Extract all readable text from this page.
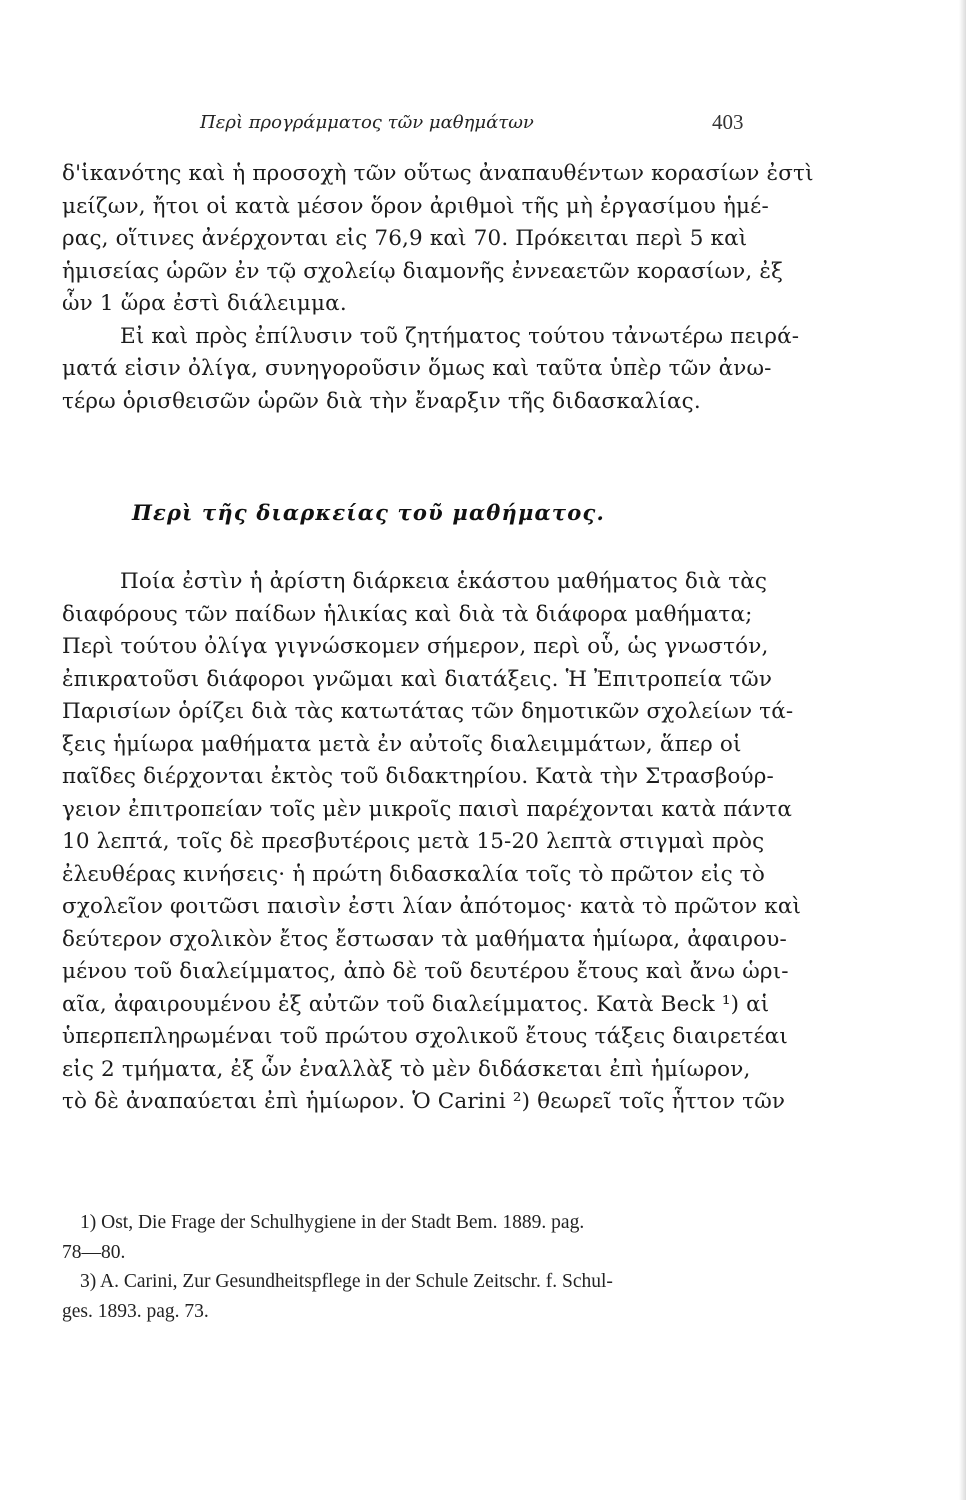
Περὶ προγράμματος τῶν μαθημάτων	403
δ'ἱκανότης καὶ ἡ προσοχὴ τῶν οὕτως ἀναπαυθέντων κορασίων ἐστὶ
μείζων, ἤτοι οἱ κατὰ μέσον ὅρον ἀριθμοὶ τῆς μὴ ἐργασίμου ἡμέ-
ρας, οἵτινες ἀνέρχονται εἰς 76,9 καὶ 70. Πρόκειται περὶ 5 καὶ
ἡμισείας ὡρῶν ἐν τῷ σχολείῳ διαμονῆς ἐννεαετῶν κορασίων, ἐξ
ὧν 1 ὥρα ἐστὶ διάλειμμα.
Εἰ καὶ πρὸς ἐπίλυσιν τοῦ ζητήματος τούτου τἀνωτέρω πειρά-
ματά εἰσιν ὀλίγα, συνηγοροῦσιν ὅμως καὶ ταῦτα ὑπὲρ τῶν ἀνω-
τέρω ὁρισθεισῶν ὡρῶν διὰ τὴν ἔναρξιν τῆς διδασκαλίας.
Περὶ τῆς διαρκείας τοῦ μαθήματος.
Ποία ἐστὶν ἡ ἀρίστη διάρκεια ἑκάστου μαθήματος διὰ τὰς
διαφόρους τῶν παίδων ἡλικίας καὶ διὰ τὰ διάφορα μαθήματα;
Περὶ τούτου ὀλίγα γιγνώσκομεν σήμερον, περὶ οὗ, ὡς γνωστόν,
ἐπικρατοῦσι διάφοροι γνῶμαι καὶ διατάξεις. Ἡ Ἐπιτροπεία τῶν
Παρισίων ὁρίζει διὰ τὰς κατωτάτας τῶν δημοτικῶν σχολείων τά-
ξεις ἡμίωρα μαθήματα μετὰ ἐν αὐτοῖς διαλειμμάτων, ἅπερ οἱ
παῖδες διέρχονται ἐκτὸς τοῦ διδακτηρίου. Κατὰ τὴν Στρασβούρ-
γειον ἐπιτροπείαν τοῖς μὲν μικροῖς παισὶ παρέχονται κατὰ πάντα
10 λεπτά, τοῖς δὲ πρεσβυτέροις μετὰ 15-20 λεπτὰ στιγμαὶ πρὸς
ἐλευθέρας κινήσεις· ἡ πρώτη διδασκαλία τοῖς τὸ πρῶτον εἰς τὸ
σχολεῖον φοιτῶσι παισὶν ἐστι λίαν ἀπότομος· κατὰ τὸ πρῶτον καὶ
δεύτερον σχολικὸν ἔτος ἔστωσαν τὰ μαθήματα ἡμίωρα, ἀφαιρου-
μένου τοῦ διαλείμματος, ἀπὸ δὲ τοῦ δευτέρου ἔτους καὶ ἄνω ὡρι-
αῖα, ἀφαιρουμένου ἐξ αὐτῶν τοῦ διαλείμματος. Κατὰ Beck ¹) αἱ
ὑπερπεπληρωμέναι τοῦ πρώτου σχολικοῦ ἔτους τάξεις διαιρετέαι
εἰς 2 τμήματα, ἐξ ὧν ἐναλλὰξ τὸ μὲν διδάσκεται ἐπὶ ἡμίωρον,
τὸ δὲ ἀναπαύεται ἐπὶ ἡμίωρον. Ὁ Carini ²) θεωρεῖ τοῖς ἧττον τῶν
1) Ost, Die Frage der Schulhygiene in der Stadt Bem. 1889. pag.
78—80.
3) A. Carini, Zur Gesundheitspflege in der Schule Zeitschr. f. Schul-
ges. 1893. pag. 73.
